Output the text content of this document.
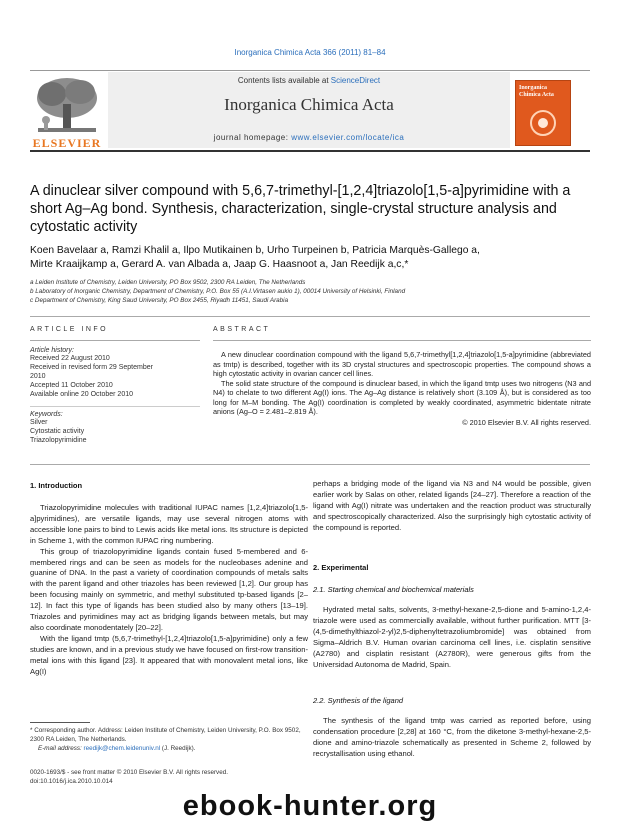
Inorganica Chimica Acta 366 (2011) 81–84
Contents lists available at ScienceDirect
Inorganica Chimica Acta
journal homepage: www.elsevier.com/locate/ica
ELSEVIER
Inorganica
Chimica Acta
A dinuclear silver compound with 5,6,7-trimethyl-[1,2,4]triazolo[1,5-a]pyrimidine with a short Ag–Ag bond. Synthesis, characterization, single-crystal structure analysis and cytostatic activity
Koen Bavelaar a, Ramzi Khalil a, Ilpo Mutikainen b, Urho Turpeinen b, Patricia Marquès-Gallego a,
Mirte Kraaijkamp a, Gerard A. van Albada a, Jaap G. Haasnoot a, Jan Reedijk a,c,*
a Leiden Institute of Chemistry, Leiden University, PO Box 9502, 2300 RA Leiden, The Netherlands
b Laboratory of Inorganic Chemistry, Department of Chemistry, P.O. Box 55 (A.I.Virtasen aukio 1), 00014 University of Helsinki, Finland
c Department of Chemistry, King Saud University, PO Box 2455, Riyadh 11451, Saudi Arabia
ARTICLE INFO	ABSTRACT
Article history:
Received 22 August 2010
Received in revised form 29 September
2010
Accepted 11 October 2010
Available online 20 October 2010
Keywords:
Silver
Cytostatic activity
Triazolopyrimidine

A new dinuclear coordination compound with the ligand 5,6,7-trimethyl[1,2,4]triazolo[1,5-a]pyrimidine (abbreviated as tmtp) is described, together with its 3D crystal structures and spectroscopic properties. The compound shows a high cytostatic activity in ovarian cancer cell lines.

The solid state structure of the compound is dinuclear based, in which the ligand tmtp uses two nitrogens (N3 and N4) to chelate to two different Ag(I) ions. The Ag–Ag distance is relatively short (3.109 Å), but is considered as too long for M–M bonding. The Ag(I) coordination is completed by weakly coordinated, asymmetric bidentate nitrate anions (Ag–O = 2.481–2.819 Å).

© 2010 Elsevier B.V. All rights reserved.
1. Introduction

Triazolopyrimidine molecules with traditional IUPAC names [1,2,4]triazolo[1,5-a]pyrimidines), are versatile ligands, may use several nitrogen atoms with accessible lone pairs to bind to Lewis acids like metal ions. Its structure is depicted in Scheme 1, with the common IUPAC ring numbering.

This group of triazolopyrimidine ligands contain fused 5-membered and 6-membered rings and can be seen as models for the nucleobases adenine and guanine of DNA. In the past a variety of coordination compounds of metals salts with the parent ligand and other triazoles has been reviewed [1,2]. Our group has been focusing mainly on symmetric, and methyl substituted tp-based ligands [2–12]. In fact this type of ligands has been studied also by many others [13–19]. Triazoles and pyrimidines may act as bridging ligands between metals, but may also coordinate monodentately [20–22].

With the ligand tmtp (5,6,7-trimethyl-[1,2,4]triazolo[1,5-a]pyrimidine) only a few studies are known, and in a previous study we have focused on first-row transition-metal ions with this ligand [23]. It appeared that with monovalent metal ions, like Ag(I)

* Corresponding author. Address: Leiden Institute of Chemistry, Leiden University, P.O. Box 9502, 2300 RA Leiden, The Netherlands.
E-mail address: reedijk@chem.leidenuniv.nl (J. Reedijk).
0020-1693/$ - see front matter © 2010 Elsevier B.V. All rights reserved.
doi:10.1016/j.ica.2010.10.014

perhaps a bridging mode of the ligand via N3 and N4 would be possible, given earlier work by Salas on other, related ligands [24–27]. Therefore a reaction of the ligand with Ag(I) nitrate was undertaken and the reaction product was structurally and spectroscopically characterized. Also the surprisingly high cytostatic activity of the compound is reported.

2. Experimental
2.1. Starting chemical and biochemical materials

Hydrated metal salts, solvents, 3-methyl-hexane-2,5-dione and 5-amino-1,2,4-triazole were used as commercially available, without further purification. MTT [3-(4,5-dimethylthiazol-2-yl)2,5-diphenyltetrazoliumbromide] was obtained from Sigma–Aldrich B.V. Human ovarian carcinoma cell lines, i.e. cisplatin sensitive (A2780) and cisplatin resistant (A2780R), were generous gifts from the Universidad Autonoma de Madrid, Spain.

2.2. Synthesis of the ligand

The synthesis of the ligand tmtp was carried as reported before, using condensation procedure [2,28] at 160 °C, from the diketone 3-methyl-hexane-2,5-dione and amino-triazole schematically as presented in Scheme 2, followed by recrystallisation using ethanol.

ebook-hunter.org
